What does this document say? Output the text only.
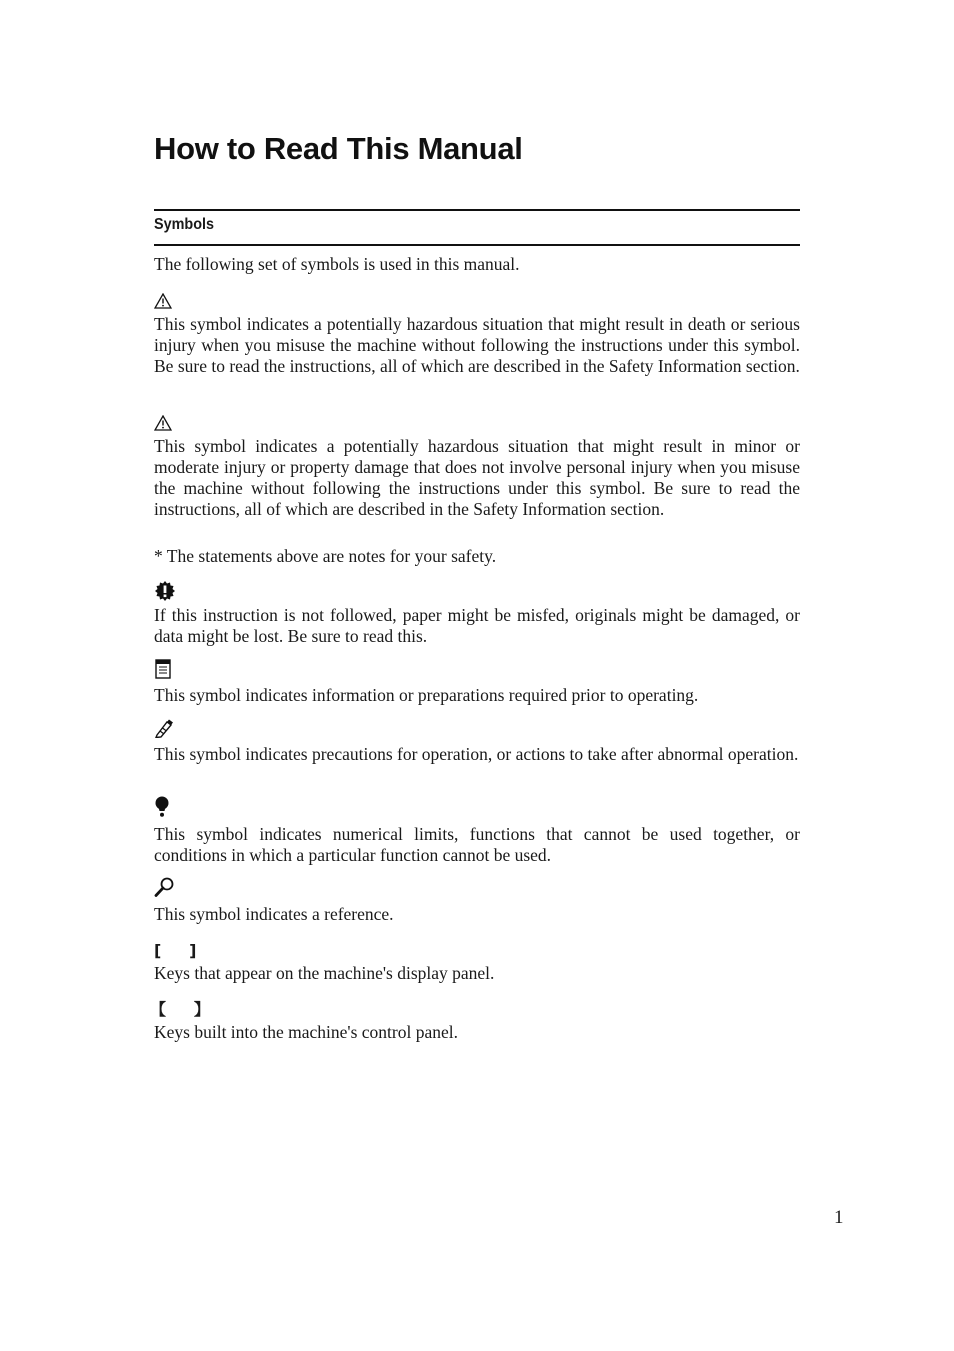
How to Read This Manual
Symbols

The following set of symbols is used in this manual.

This symbol indicates a potentially hazardous situation that might result in death or serious injury when you misuse the machine without following the instructions under this symbol. Be sure to read the instructions, all of which are described in the Safety Information section.

This symbol indicates a potentially hazardous situation that might result in minor or moderate injury or property damage that does not involve personal injury when you misuse the machine without following the instructions under this symbol. Be sure to read the instructions, all of which are described in the Safety Information section.

* The statements above are notes for your safety.

If this instruction is not followed, paper might be misfed, originals might be damaged, or data might be lost. Be sure to read this.

This symbol indicates information or preparations required prior to operating.

This symbol indicates precautions for operation, or actions to take after abnormal operation.

This symbol indicates numerical limits, functions that cannot be used together, or conditions in which a particular function cannot be used.

This symbol indicates a reference.

[     ]

Keys that appear on the machine's display panel.

【     】

Keys built into the machine's control panel.

1
